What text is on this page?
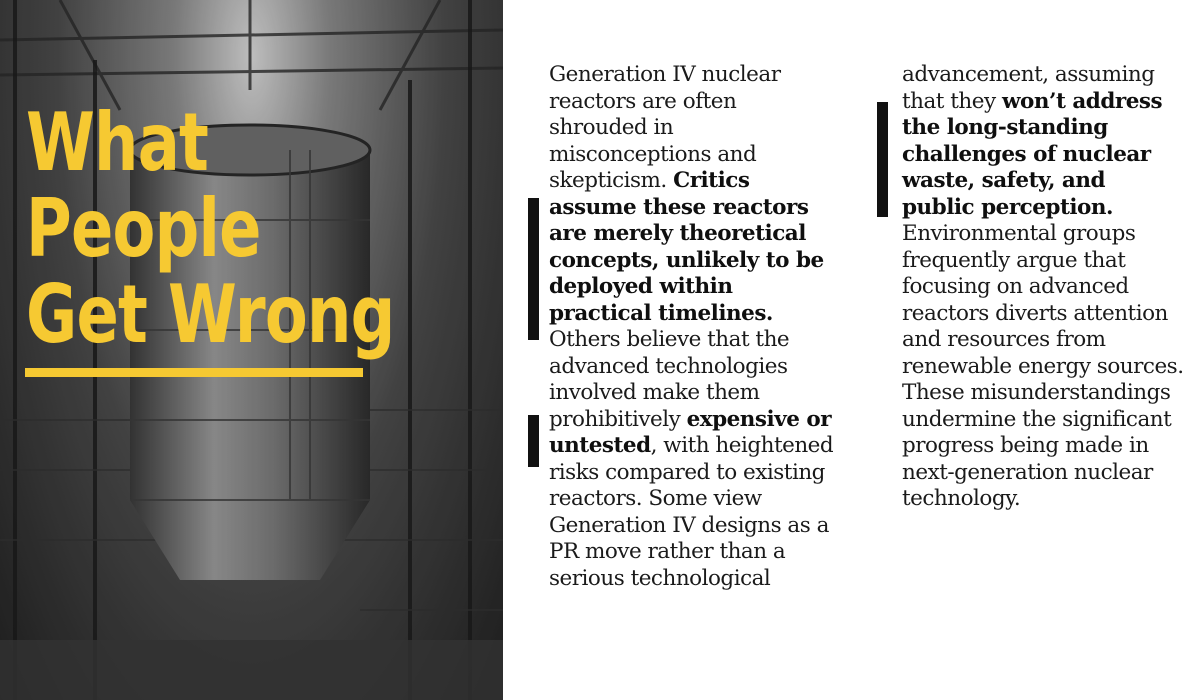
What
People
Get Wrong

Generation IV nuclear reactors are often shrouded in misconceptions and skepticism. Critics assume these reactors are merely theoretical concepts, unlikely to be deployed within practical timelines. Others believe that the advanced technologies involved make them prohibitively expensive or untested, with heightened risks compared to existing reactors. Some view Generation IV designs as a PR move rather than a serious technological

advancement, assuming that they won’t address the long-standing challenges of nuclear waste, safety, and public perception. Environmental groups frequently argue that focusing on advanced reactors diverts attention and resources from renewable energy sources. These misunderstandings undermine the significant progress being made in next-generation nuclear technology.
